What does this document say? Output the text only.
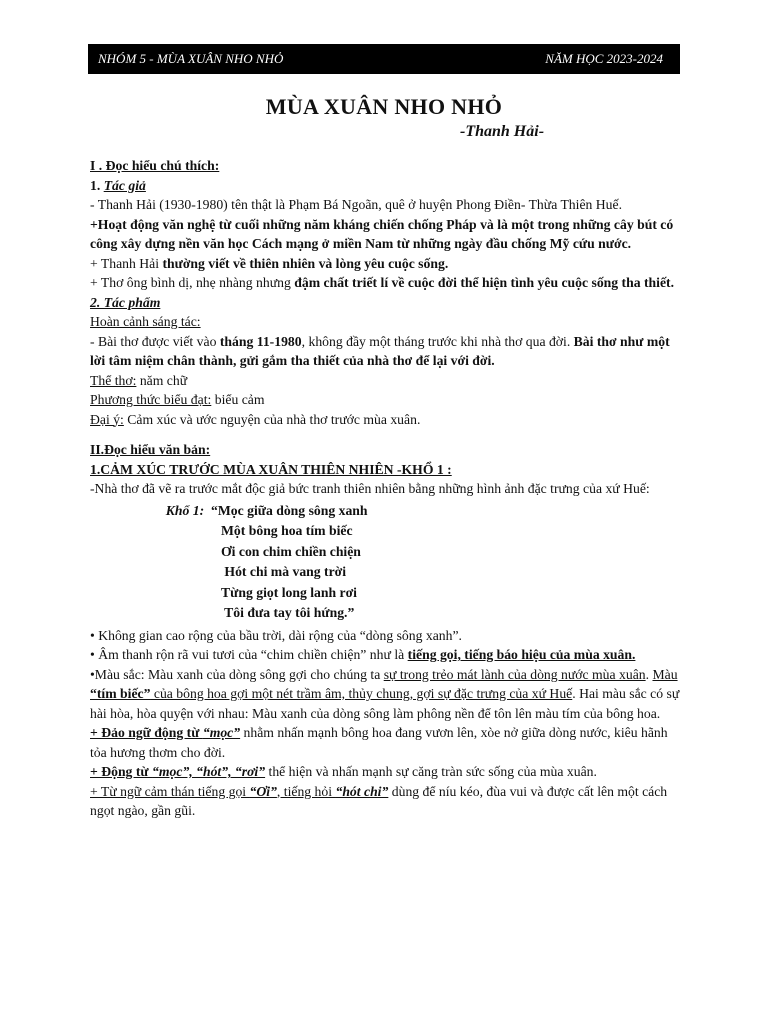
NHÓM 5 - MÙA XUÂN NHO NHỎ	NĂM HỌC 2023-2024
MÙA XUÂN NHO NHỎ
-Thanh Hải-

I . Đọc hiểu chú thích:

1. Tác giả

- Thanh Hải (1930-1980) tên thật là Phạm Bá Ngoãn, quê ở huyện Phong Điền- Thừa Thiên Huế.

+Hoạt động văn nghệ từ cuối những năm kháng chiến chống Pháp và là một trong những cây bút có công xây dựng nền văn học Cách mạng ở miền Nam từ những ngày đầu chống Mỹ cứu nước.

+ Thanh Hải thường viết về thiên nhiên và lòng yêu cuộc sống.

+ Thơ ông bình dị, nhẹ nhàng nhưng đậm chất triết lí về cuộc đời thể hiện tình yêu cuộc sống tha thiết.

2. Tác phẩm

Hoàn cảnh sáng tác:

- Bài thơ được viết vào tháng 11-1980, không đầy một tháng trước khi nhà thơ qua đời. Bài thơ như một lời tâm niệm chân thành, gửi gắm tha thiết của nhà thơ để lại với đời.

Thể thơ: năm chữ

Phương thức biểu đạt: biểu cảm

Đại ý: Cảm xúc và ước nguyện của nhà thơ trước mùa xuân.

II.Đọc hiểu văn bản:

1.CẢM XÚC TRƯỚC MÙA XUÂN THIÊN NHIÊN -KHỔ 1 :

-Nhà thơ đã vẽ ra trước mắt độc giả bức tranh thiên nhiên bằng những hình ảnh đặc trưng của xứ Huế:

Khổ 1: “Mọc giữa dòng sông xanh
Một bông hoa tím biếc
Ơi con chim chiền chiện
Hót chi mà vang trời
Từng giọt long lanh rơi
Tôi đưa tay tôi hứng.”

• Không gian cao rộng của bầu trời, dài rộng của “dòng sông xanh”.

• Âm thanh rộn rã vui tươi của “chim chiền chiện” như là tiếng gọi, tiếng báo hiệu của mùa xuân.

•Màu sắc: Màu xanh của dòng sông gợi cho chúng ta sự trong trẻo mát lành của dòng nước mùa xuân. Màu “tím biếc” của bông hoa gợi một nét trầm âm, thủy chung, gợi sự đặc trưng của xứ Huế. Hai màu sắc có sự hài hòa, hòa quyện với nhau: Màu xanh của dòng sông làm phông nền để tôn lên màu tím của bông hoa.

+ Đảo ngữ động từ “mọc” nhằm nhấn mạnh bông hoa đang vươn lên, xòe nở giữa dòng nước, kiêu hãnh tỏa hương thơm cho đời.

+ Động từ “mọc”, “hót”, “rơi” thể hiện và nhấn mạnh sự căng tràn sức sống của mùa xuân.

+ Từ ngữ cảm thán tiếng gọi “Ơi”, tiếng hỏi “hót chi” dùng để níu kéo, đùa vui và được cất lên một cách ngọt ngào, gần gũi.
